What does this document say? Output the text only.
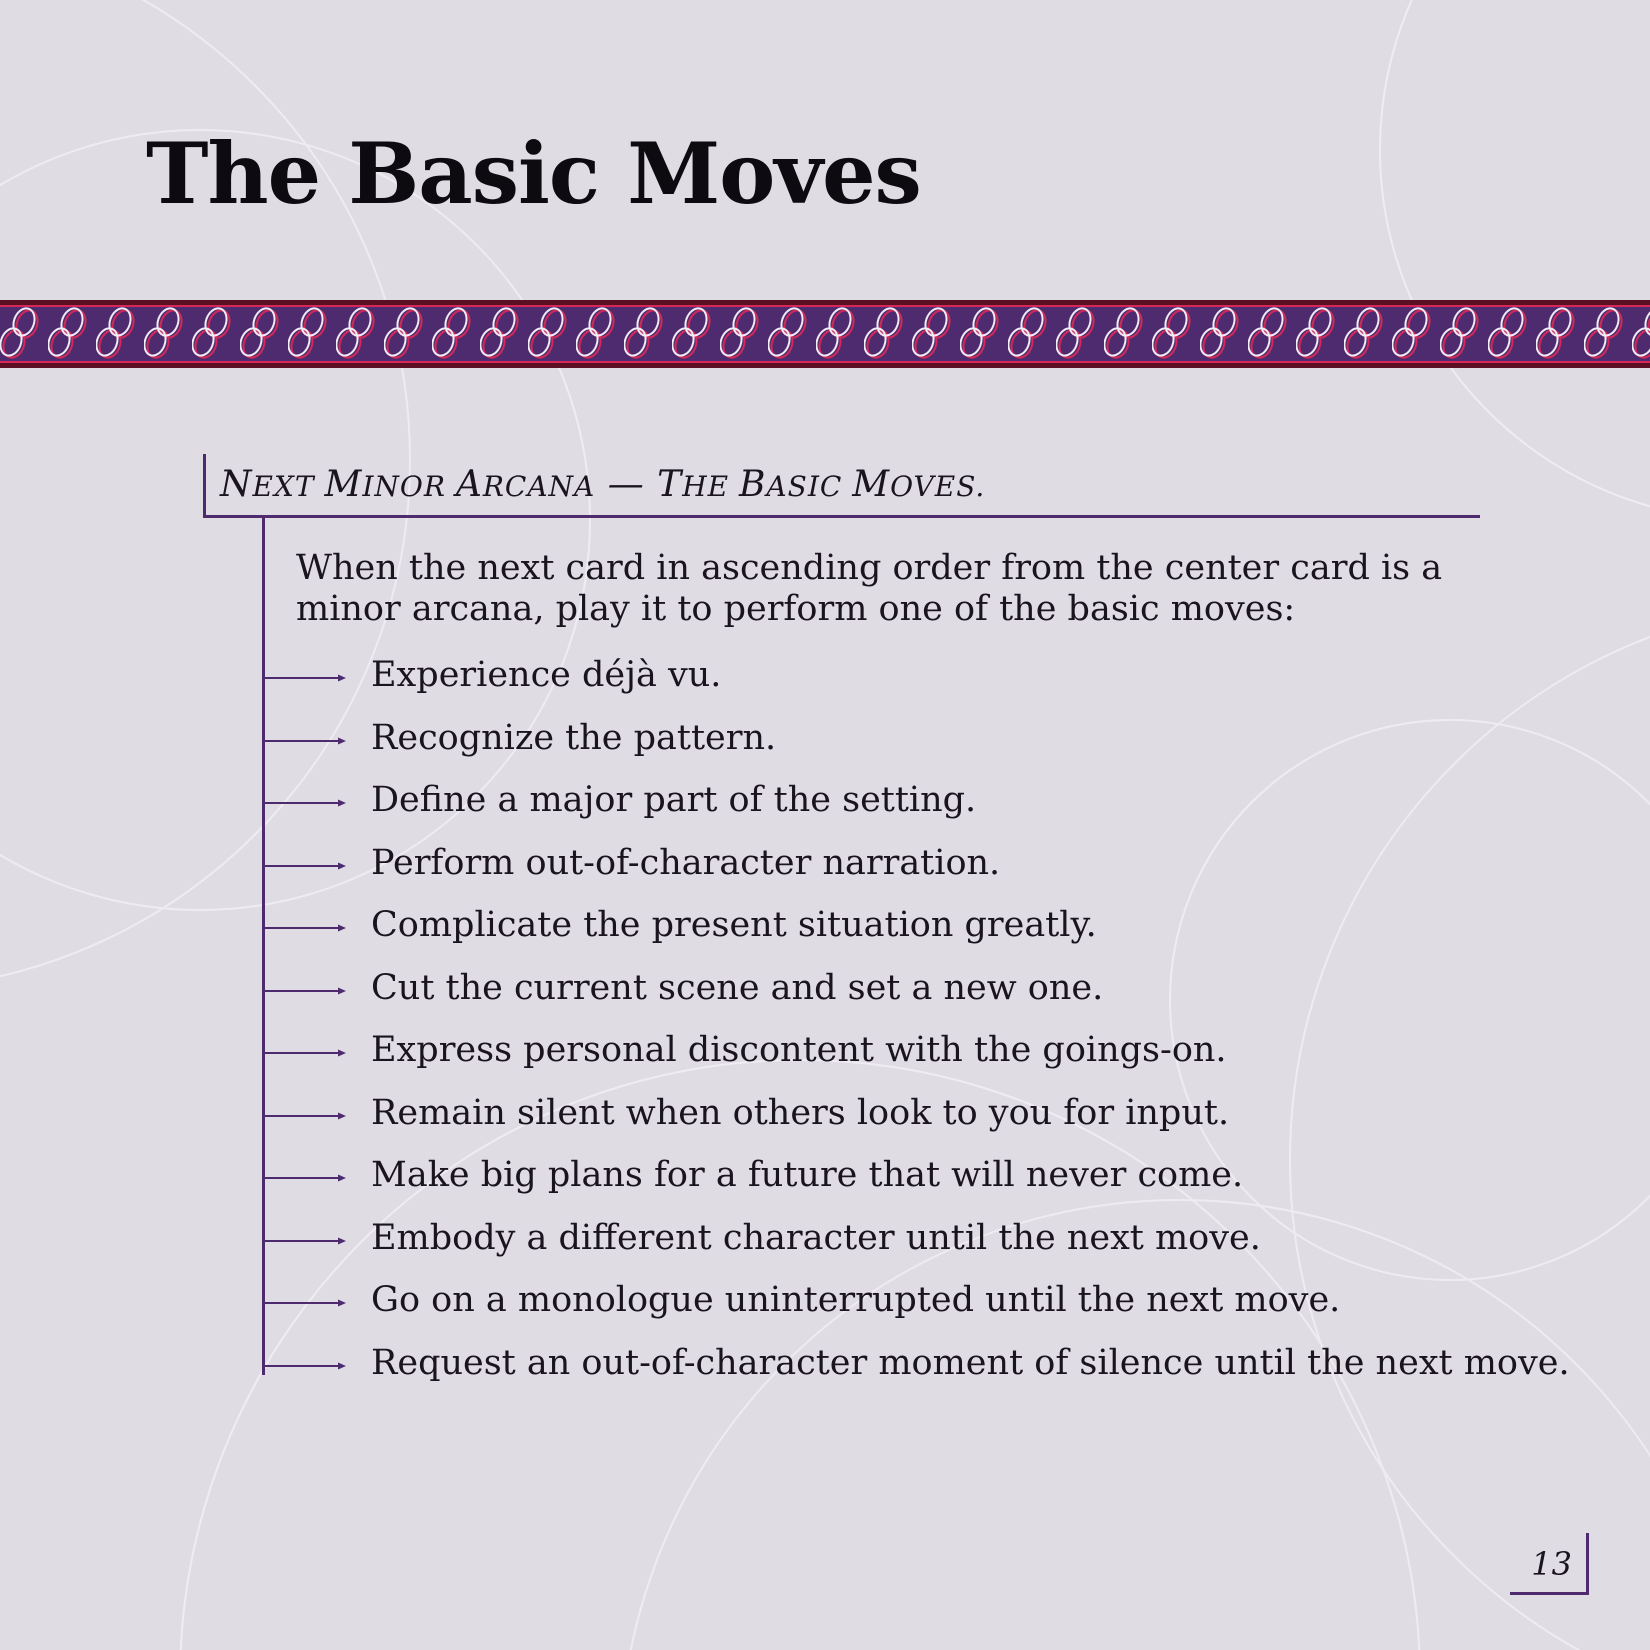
The Basic Moves
NEXT MINOR ARCANA — THE BASIC MOVES.

When the next card in ascending order from the center card is a minor arcana, play it to perform one of the basic moves:

Experience déjà vu.
Recognize the pattern.
Define a major part of the setting.
Perform out-of-character narration.
Complicate the present situation greatly.
Cut the current scene and set a new one.
Express personal discontent with the goings-on.
Remain silent when others look to you for input.
Make big plans for a future that will never come.
Embody a different character until the next move.
Go on a monologue uninterrupted until the next move.
Request an out-of-character moment of silence until the next move.
13
